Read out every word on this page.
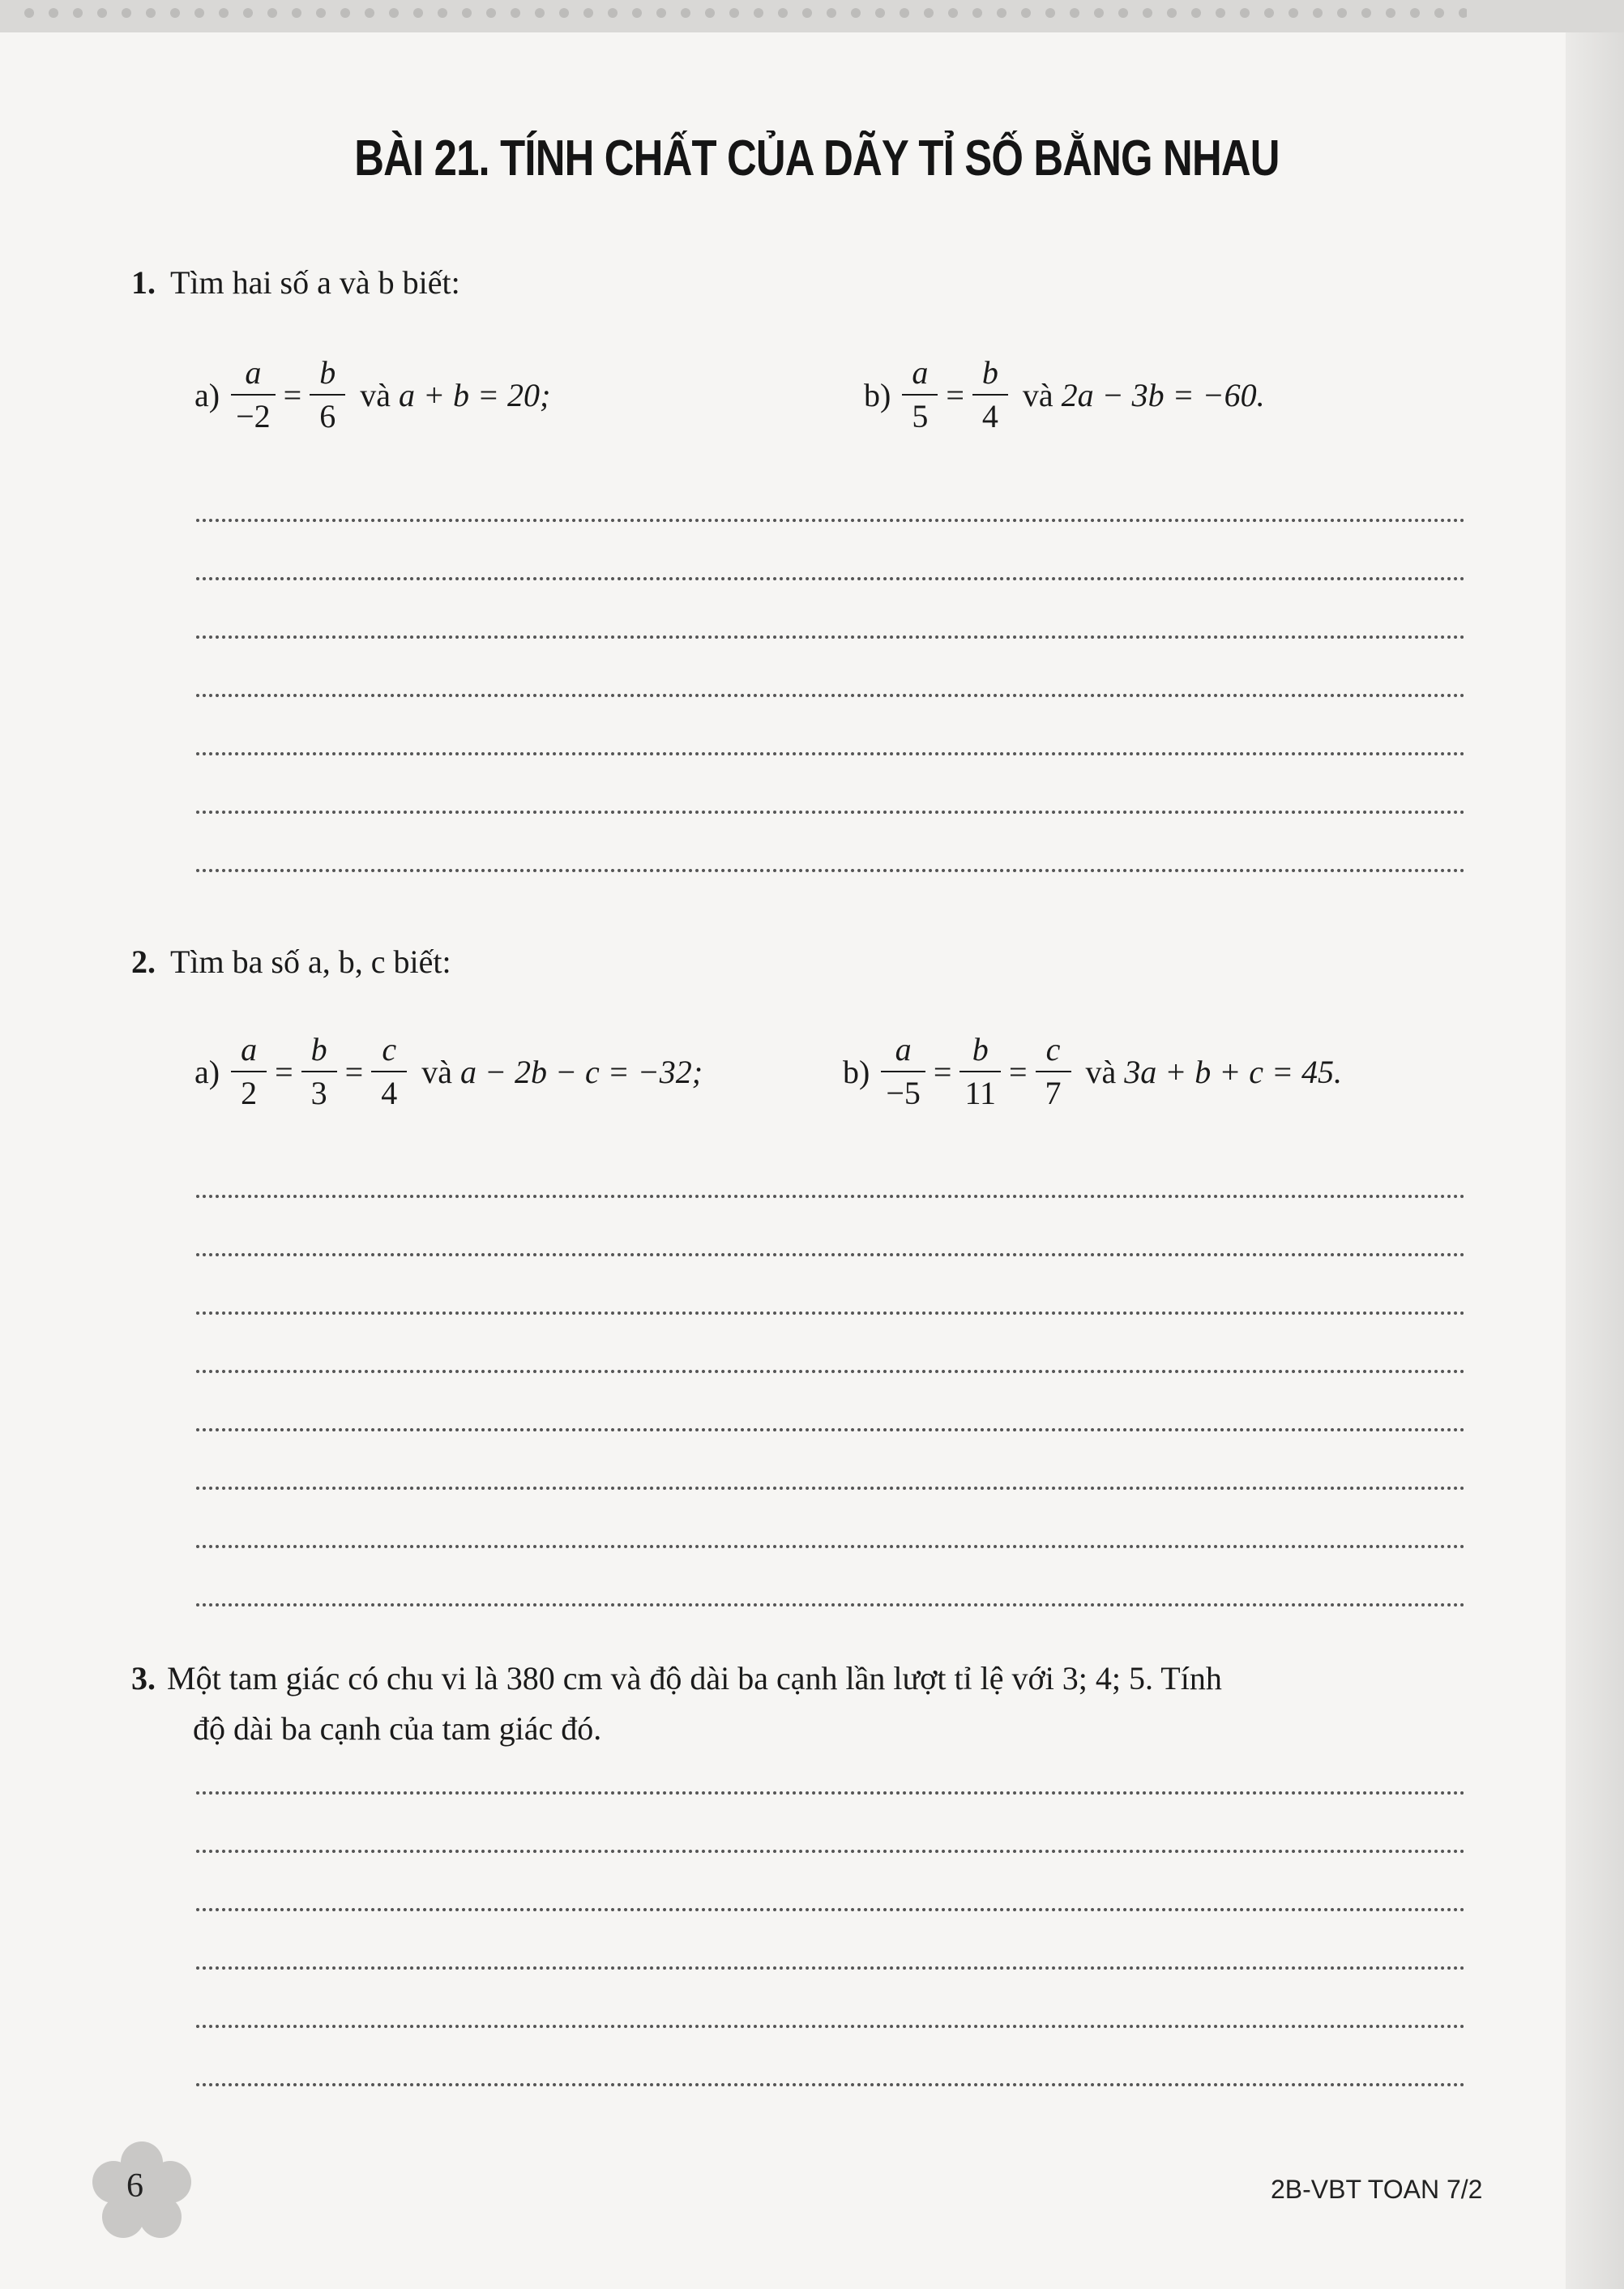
BÀI 21. TÍNH CHẤT CỦA DÃY TỈ SỐ BẰNG NHAU
1. Tìm hai số a và b biết:
$a) \frac{a}{-2} = \frac{b}{6}$ và a + b = 20;	$b) \frac{a}{5} = \frac{b}{4}$ và 2a − 3b = −60.
2. Tìm ba số a, b, c biết:
$a) \frac{a}{2} = \frac{b}{3} = \frac{c}{4}$ và a − 2b − c = −32;	$b) \frac{a}{-5} = \frac{b}{11} = \frac{c}{7}$ và 3a + b + c = 45.
3. Một tam giác có chu vi là 380 cm và độ dài ba cạnh lần lượt tỉ lệ với 3; 4; 5. Tính
độ dài ba cạnh của tam giác đó.
6	2B-VBT TOAN 7/2
